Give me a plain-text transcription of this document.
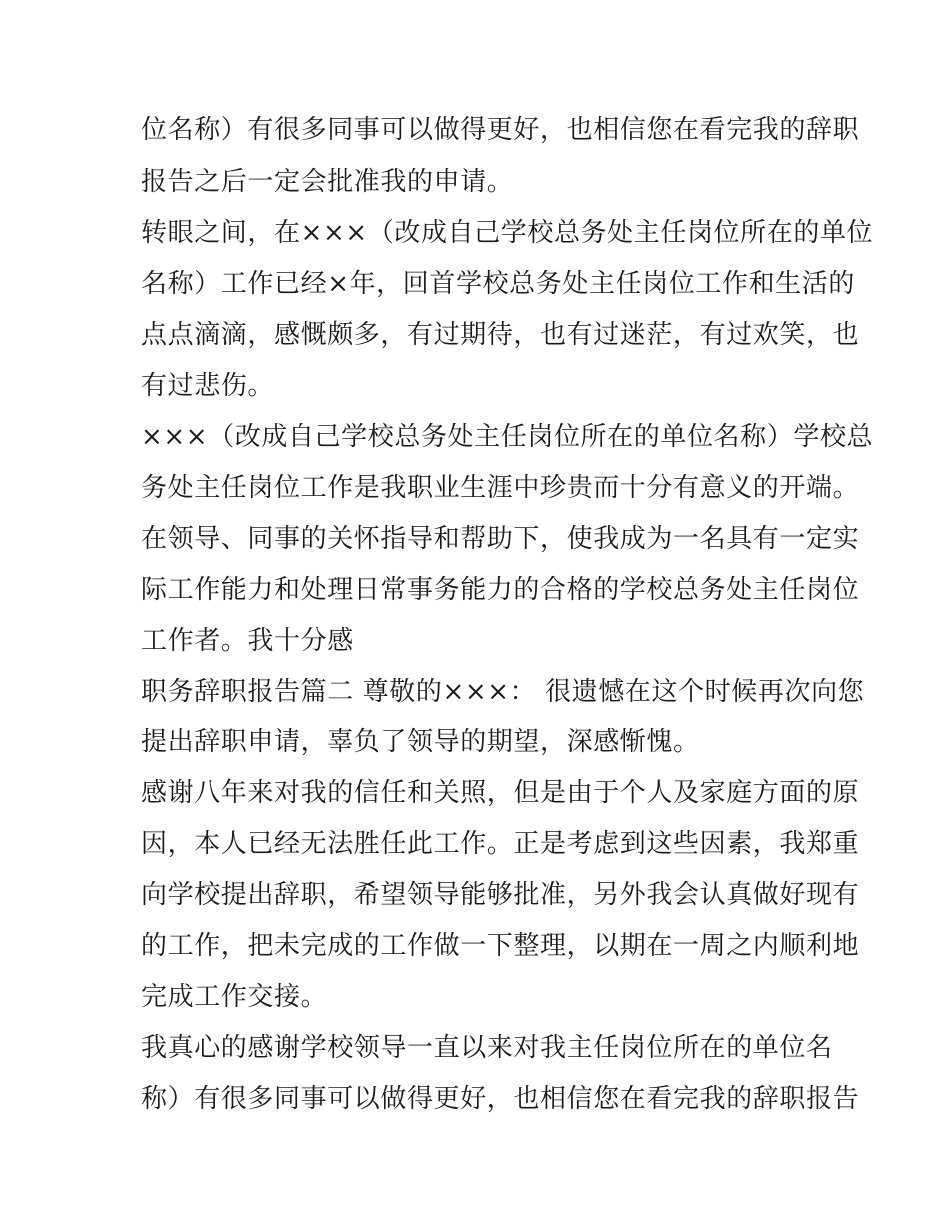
位名称）有很多同事可以做得更好，也相信您在看完我的辞职
报告之后一定会批准我的申请。
转眼之间，在×××（改成自己学校总务处主任岗位所在的单位
名称）工作已经×年，回首学校总务处主任岗位工作和生活的
点点滴滴，感慨颇多，有过期待，也有过迷茫，有过欢笑，也
有过悲伤。
×××（改成自己学校总务处主任岗位所在的单位名称）学校总
务处主任岗位工作是我职业生涯中珍贵而十分有意义的开端。
在领导、同事的关怀指导和帮助下，使我成为一名具有一定实
际工作能力和处理日常事务能力的合格的学校总务处主任岗位
工作者。我十分感
职务辞职报告篇二 尊敬的×××： 很遗憾在这个时候再次向您
提出辞职申请，辜负了领导的期望，深感惭愧。
感谢八年来对我的信任和关照，但是由于个人及家庭方面的原
因，本人已经无法胜任此工作。正是考虑到这些因素，我郑重
向学校提出辞职，希望领导能够批准，另外我会认真做好现有
的工作，把未完成的工作做一下整理，以期在一周之内顺利地
完成工作交接。
我真心的感谢学校领导一直以来对我主任岗位所在的单位名
称）有很多同事可以做得更好，也相信您在看完我的辞职报告
